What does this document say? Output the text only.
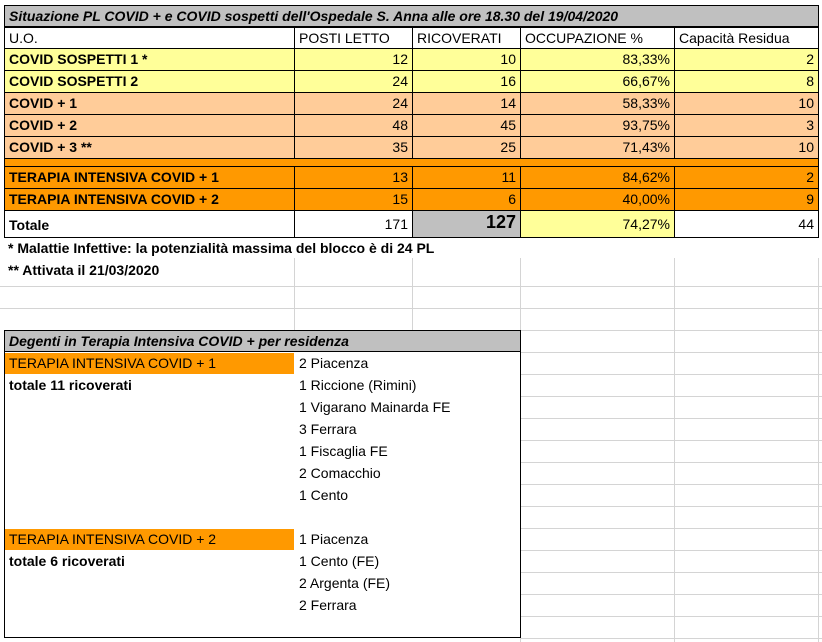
Situazione PL COVID + e COVID sospetti dell'Ospedale S. Anna alle ore 18.30 del 19/04/2020
U.O.	POSTI LETTO	RICOVERATI	OCCUPAZIONE %	Capacità Residua
COVID SOSPETTI 1 *	12	10	83,33%	2
COVID SOSPETTI 2	24	16	66,67%	8
COVID + 1	24	14	58,33%	10
COVID + 2	48	45	93,75%	3
COVID + 3 **	35	25	71,43%	10
TERAPIA INTENSIVA COVID + 1	13	11	84,62%	2
TERAPIA INTENSIVA COVID + 2	15	6	40,00%	9
Totale	171	127	74,27%	44
* Malattie Infettive: la potenzialità massima del blocco è di 24 PL
** Attivata il 21/03/2020
Degenti in Terapia Intensiva COVID + per residenza
TERAPIA INTENSIVA COVID + 1
totale 11 ricoverati
2 Piacenza
1 Riccione (Rimini)
1 Vigarano Mainarda FE
3 Ferrara
1 Fiscaglia FE
2 Comacchio
1 Cento
TERAPIA INTENSIVA COVID + 2
totale 6 ricoverati
1 Piacenza
1 Cento (FE)
2 Argenta (FE)
2 Ferrara
